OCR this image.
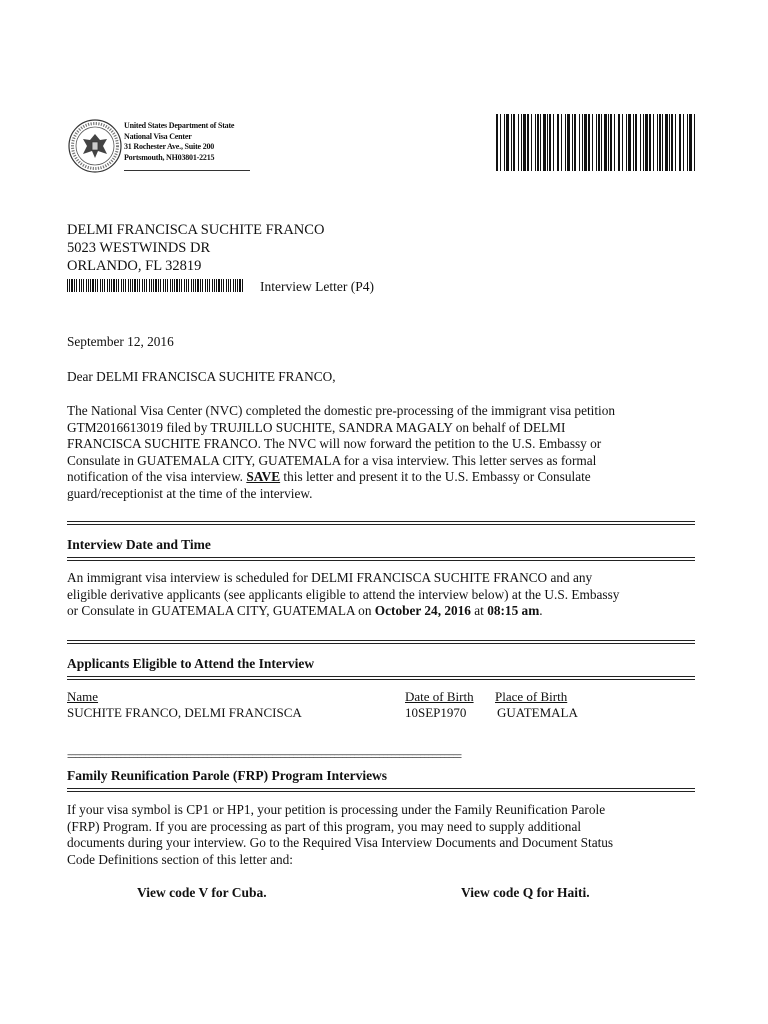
United States Department of State
National Visa Center
31 Rochester Ave., Suite 200
Portsmouth, NH03801-2215
DELMI FRANCISCA SUCHITE FRANCO
5023 WESTWINDS DR
ORLANDO, FL 32819
Interview Letter (P4)
September 12, 2016
Dear DELMI FRANCISCA SUCHITE FRANCO,
The National Visa Center (NVC) completed the domestic pre-processing of the immigrant visa petition
GTM2016613019 filed by TRUJILLO SUCHITE, SANDRA MAGALY on behalf of DELMI
FRANCISCA SUCHITE FRANCO. The NVC will now forward the petition to the U.S. Embassy or
Consulate in GUATEMALA CITY, GUATEMALA for a visa interview. This letter serves as formal
notification of the visa interview. SAVE this letter and present it to the U.S. Embassy or Consulate
guard/receptionist at the time of the interview.
Interview Date and Time
An immigrant visa interview is scheduled for DELMI FRANCISCA SUCHITE FRANCO and any
eligible derivative applicants (see applicants eligible to attend the interview below) at the U.S. Embassy
or Consulate in GUATEMALA CITY, GUATEMALA on October 24, 2016 at 08:15 am.
Applicants Eligible to Attend the Interview
Name	Date of Birth Place of Birth
SUCHITE FRANCO, DELMI FRANCISCA	10SEP1970 GUATEMALA
================================================================================================
Family Reunification Parole (FRP) Program Interviews
If your visa symbol is CP1 or HP1, your petition is processing under the Family Reunification Parole
(FRP) Program. If you are processing as part of this program, you may need to supply additional
documents during your interview. Go to the Required Visa Interview Documents and Document Status
Code Definitions section of this letter and:
View code V for Cuba.	View code Q for Haiti.
